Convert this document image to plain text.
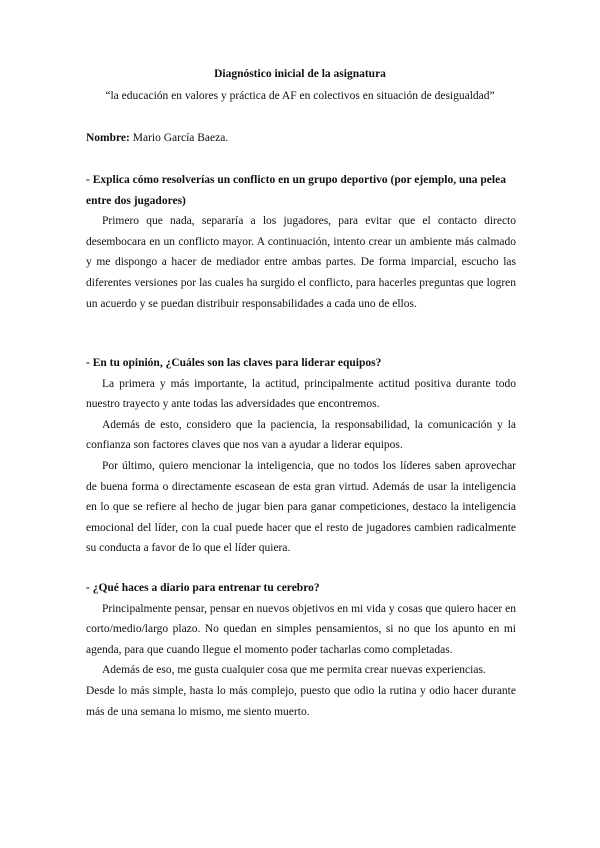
Diagnóstico inicial de la asignatura
“la educación en valores y práctica de AF en colectivos en situación de desigualdad”
Nombre: Mario García Baeza.

- Explica cómo resolverías un conflicto en un grupo deportivo (por ejemplo, una pelea entre dos jugadores)

Primero que nada, separaría a los jugadores, para evitar que el contacto directo desembocara en un conflicto mayor. A continuación, intento crear un ambiente más calmado y me dispongo a hacer de mediador entre ambas partes. De forma imparcial, escucho las diferentes versiones por las cuales ha surgido el conflicto, para hacerles preguntas que logren un acuerdo y se puedan distribuir responsabilidades a cada uno de ellos.

- En tu opinión, ¿Cuáles son las claves para liderar equipos?

La primera y más importante, la actitud, principalmente actitud positiva durante todo nuestro trayecto y ante todas las adversidades que encontremos.

Además de esto, considero que la paciencia, la responsabilidad, la comunicación y la confianza son factores claves que nos van a ayudar a liderar equipos.

Por último, quiero mencionar la inteligencia, que no todos los líderes saben aprovechar de buena forma o directamente escasean de esta gran virtud. Además de usar la inteligencia en lo que se refiere al hecho de jugar bien para ganar competiciones, destaco la inteligencia emocional del líder, con la cual puede hacer que el resto de jugadores cambien radicalmente su conducta a favor de lo que el líder quiera.

- ¿Qué haces a diario para entrenar tu cerebro?

Principalmente pensar, pensar en nuevos objetivos en mi vida y cosas que quiero hacer en corto/medio/largo plazo. No quedan en simples pensamientos, si no que los apunto en mi agenda, para que cuando llegue el momento poder tacharlas como completadas.

Además de eso, me gusta cualquier cosa que me permita crear nuevas experiencias.

Desde lo más simple, hasta lo más complejo, puesto que odio la rutina y odio hacer durante más de una semana lo mismo, me siento muerto.
